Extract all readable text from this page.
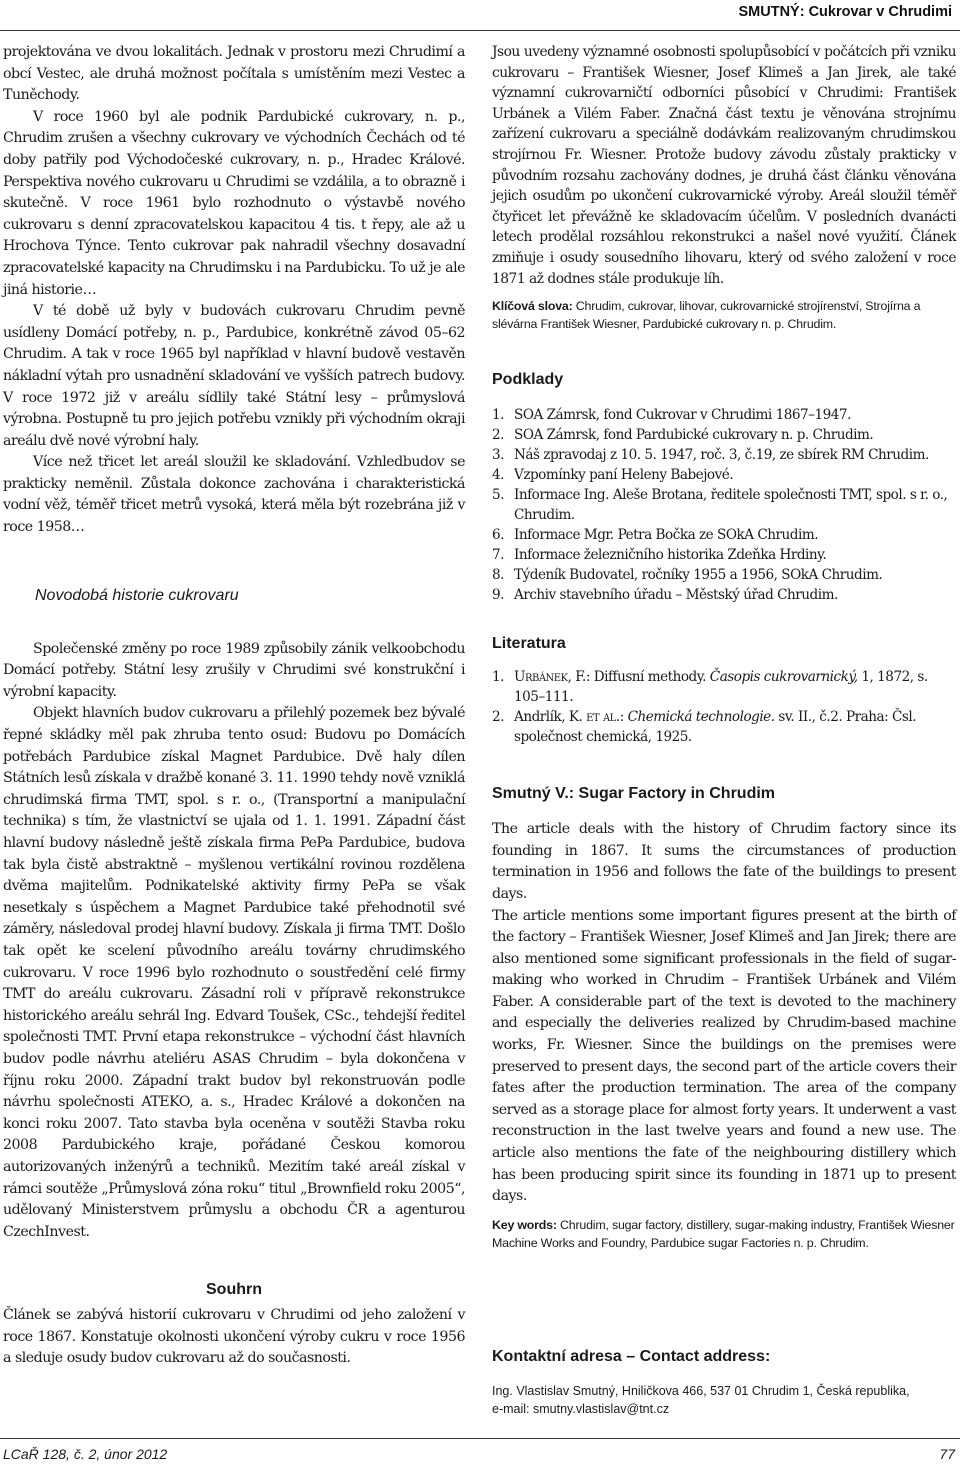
SMUTNÝ: Cukrovar v Chrudimi

projektována ve dvou lokalitách. Jednak v prostoru mezi Chrudimí a obcí Vestec, ale druhá možnost počítala s umístěním mezi Vestec a Tuněchody.

V roce 1960 byl ale podnik Pardubické cukrovary, n. p., Chrudim zrušen a všechny cukrovary ve východních Čechách od té doby patřily pod Východočeské cukrovary, n. p., Hradec Králové. Perspektiva nového cukrovaru u Chrudimi se vzdálila, a to obrazně i skutečně. V roce 1961 bylo rozhodnuto o výstavbě nového cukrovaru s denní zpracovatelskou kapacitou 4 tis. t řepy, ale až u Hrochova Týnce. Tento cukrovar pak nahradil všechny dosavadní zpracovatelské kapacity na Chrudimsku i na Pardubicku. To už je ale jiná historie…

V té době už byly v budovách cukrovaru Chrudim pevně usídleny Domácí potřeby, n. p., Pardubice, konkrétně závod 05–62 Chrudim. A tak v roce 1965 byl například v hlavní budově vestavěn nákladní výtah pro usnadnění skladování ve vyšších patrech budovy. V roce 1972 již v areálu sídlily také Státní lesy – průmyslová výrobna. Postupně tu pro jejich potřebu vznikly při východním okraji areálu dvě nové výrobní haly.

Více než třicet let areál sloužil ke skladování. Vzhledbudov se prakticky neměnil. Zůstala dokonce zachována i charakteristická vodní věž, téměř třicet metrů vysoká, která měla být rozebrána již v roce 1958…

Novodobá historie cukrovaru

Společenské změny po roce 1989 způsobily zánik velkoobchodu Domácí potřeby. Státní lesy zrušily v Chrudimi své konstrukční i výrobní kapacity.

Objekt hlavních budov cukrovaru a přilehlý pozemek bez bývalé řepné skládky měl pak zhruba tento osud: Budovu po Domácích potřebách Pardubice získal Magnet Pardubice. Dvě haly dílen Státních lesů získala v dražbě konané 3. 11. 1990 tehdy nově vzniklá chrudimská firma TMT, spol. s r. o., (Transportní a manipulační technika) s tím, že vlastnictví se ujala od 1. 1. 1991. Západní část hlavní budovy následně ještě získala firma PePa Pardubice, budova tak byla čistě abstraktně – myšlenou vertikální rovinou rozdělena dvěma majitelům. Podnikatelské aktivity firmy PePa se však nesetkaly s úspěchem a Magnet Pardubice také přehodnotil své záměry, následoval prodej hlavní budovy. Získala ji firma TMT. Došlo tak opět ke scelení původního areálu továrny chrudimského cukrovaru. V roce 1996 bylo rozhodnuto o soustředění celé firmy TMT do areálu cukrovaru. Zásadní roli v přípravě rekonstrukce historického areálu sehrál Ing. Edvard Toušek, CSc., tehdejší ředitel společnosti TMT. První etapa rekonstrukce – východní část hlavních budov podle návrhu ateliéru ASAS Chrudim – byla dokončena v říjnu roku 2000. Západní trakt budov byl rekonstruován podle návrhu společnosti ATEKO, a. s., Hradec Králové a dokončen na konci roku 2007. Tato stavba byla oceněna v soutěži Stavba roku 2008 Pardubického kraje, pořádané Českou komorou autorizovaných inženýrů a techniků. Mezitím také areál získal v rámci soutěže „Průmyslová zóna roku“ titul „Brownfield roku 2005“, udělovaný Ministerstvem průmyslu a obchodu ČR a agenturou CzechInvest.

Souhrn

Článek se zabývá historií cukrovaru v Chrudimi od jeho založení v roce 1867. Konstatuje okolnosti ukončení výroby cukru v roce 1956 a sleduje osudy budov cukrovaru až do současnosti.

Jsou uvedeny významné osobnosti spolupůsobící v počátcích při vzniku cukrovaru – František Wiesner, Josef Klimeš a Jan Jirek, ale také významní cukrovarničtí odborníci působící v Chrudimi: František Urbánek a Vilém Faber. Značná část textu je věnována strojnímu zařízení cukrovaru a speciálně dodávkám realizovaným chrudimskou strojírnou Fr. Wiesner. Protože budovy závodu zůstaly prakticky v původním rozsahu zachovány dodnes, je druhá část článku věnována jejich osudům po ukončení cukrovarnické výroby. Areál sloužil téměř čtyřicet let převážně ke skladovacím účelům. V posledních dvanácti letech prodělal rozsáhlou rekonstrukci a našel nové využití. Článek zmiňuje i osudy sousedního lihovaru, který od svého založení v roce 1871 až dodnes stále produkuje líh.

Klíčová slova: Chrudim, cukrovar, lihovar, cukrovarnické strojírenství, Strojírna a slévárna František Wiesner, Pardubické cukrovary n. p. Chrudim.

Podklady
1. SOA Zámrsk, fond Cukrovar v Chrudimi 1867–1947.
2. SOA Zámrsk, fond Pardubické cukrovary n. p. Chrudim.
3. Náš zpravodaj z 10. 5. 1947, roč. 3, č.19, ze sbírek RM Chrudim.
4. Vzpomínky paní Heleny Babejové.
5. Informace Ing. Aleše Brotana, ředitele společnosti TMT, spol. s r. o., Chrudim.
6. Informace Mgr. Petra Bočka ze SOkA Chrudim.
7. Informace železničního historika Zdeňka Hrdiny.
8. Týdeník Budovatel, ročníky 1955 a 1956, SOkA Chrudim.
9. Archiv stavebního úřadu – Městský úřad Chrudim.
Literatura
1. Urbánek, F.: Diffusní methody. Časopis cukrovarnický, 1, 1872, s. 105–111.
2. Andrlík, K. et al.: Chemická technologie. sv. II., č.2. Praha: Čsl. společnost chemická, 1925.
Smutný V.: Sugar Factory in Chrudim

The article deals with the history of Chrudim factory since its founding in 1867. It sums the circumstances of production termination in 1956 and follows the fate of the buildings to present days.

The article mentions some important figures present at the birth of the factory – František Wiesner, Josef Klimeš and Jan Jirek; there are also mentioned some significant professionals in the field of sugar-making who worked in Chrudim – František Urbánek and Vilém Faber. A considerable part of the text is devoted to the machinery and especially the deliveries realized by Chrudim-based machine works, Fr. Wiesner. Since the buildings on the premises were preserved to present days, the second part of the article covers their fates after the production termination. The area of the company served as a storage place for almost forty years. It underwent a vast reconstruction in the last twelve years and found a new use. The article also mentions the fate of the neighbouring distillery which has been producing spirit since its founding in 1871 up to present days.

Key words: Chrudim, sugar factory, distillery, sugar-making industry, František Wiesner Machine Works and Foundry, Pardubice sugar Factories n. p. Chrudim.

Kontaktní adresa – Contact address:

Ing. Vlastislav Smutný, Hniličkova 466, 537 01 Chrudim 1, Česká republika,

e-mail: smutny.vlastislav@tnt.cz

LCaŘ 128, č. 2, únor 2012	77
